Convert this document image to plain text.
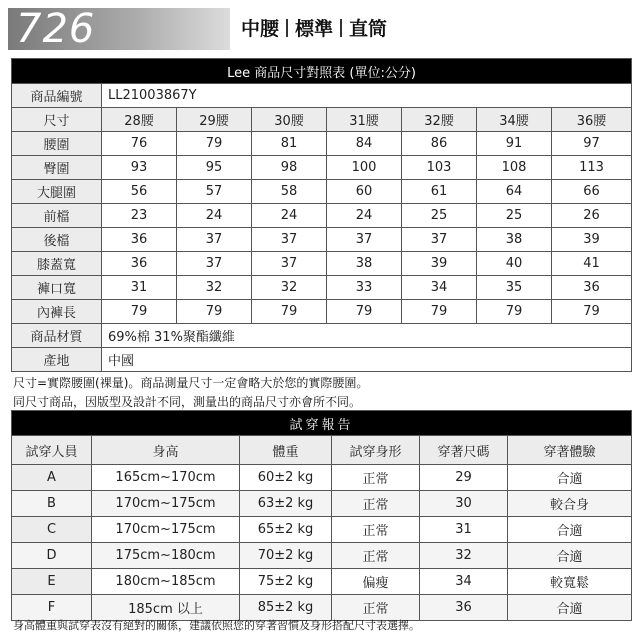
726	中腰 標準 直筒
Lee 商品尺寸對照表 (單位:公分)							
商品編號	LL21003867Y						
尺寸	28腰	29腰	30腰	31腰	32腰	34腰	36腰
腰圍	76	79	81	84	86	91	97
臀圍	93	95	98	100	103	108	113
大腿圍	56	57	58	60	61	64	66
前檔	23	24	24	24	25	25	26
後檔	36	37	37	37	37	38	39
膝蓋寬	36	37	37	38	39	40	41
褲口寬	31	32	32	33	34	35	36
內褲長	79	79	79	79	79	79	79
商品材質	69%棉 31%聚酯纖維						
產地	中國						
尺寸=實際腰圍(裸量)。商品測量尺寸一定會略大於您的實際腰圍。
同尺寸商品，因版型及設計不同，測量出的商品尺寸亦會所不同。
試穿報告					
試穿人員	身高	體重	試穿身形	穿著尺碼	穿著體驗
A	165cm~170cm	60±2 kg	正常	29	合適
B	170cm~175cm	63±2 kg	正常	30	較合身
C	170cm~175cm	65±2 kg	正常	31	合適
D	175cm~180cm	70±2 kg	正常	32	合適
E	180cm~185cm	75±2 kg	偏瘦	34	較寬鬆
F	185cm 以上	85±2 kg	正常	36	合適
身高體重與試穿表沒有絕對的關係，建議依照您的穿著習慣及身形搭配尺寸表選擇。
